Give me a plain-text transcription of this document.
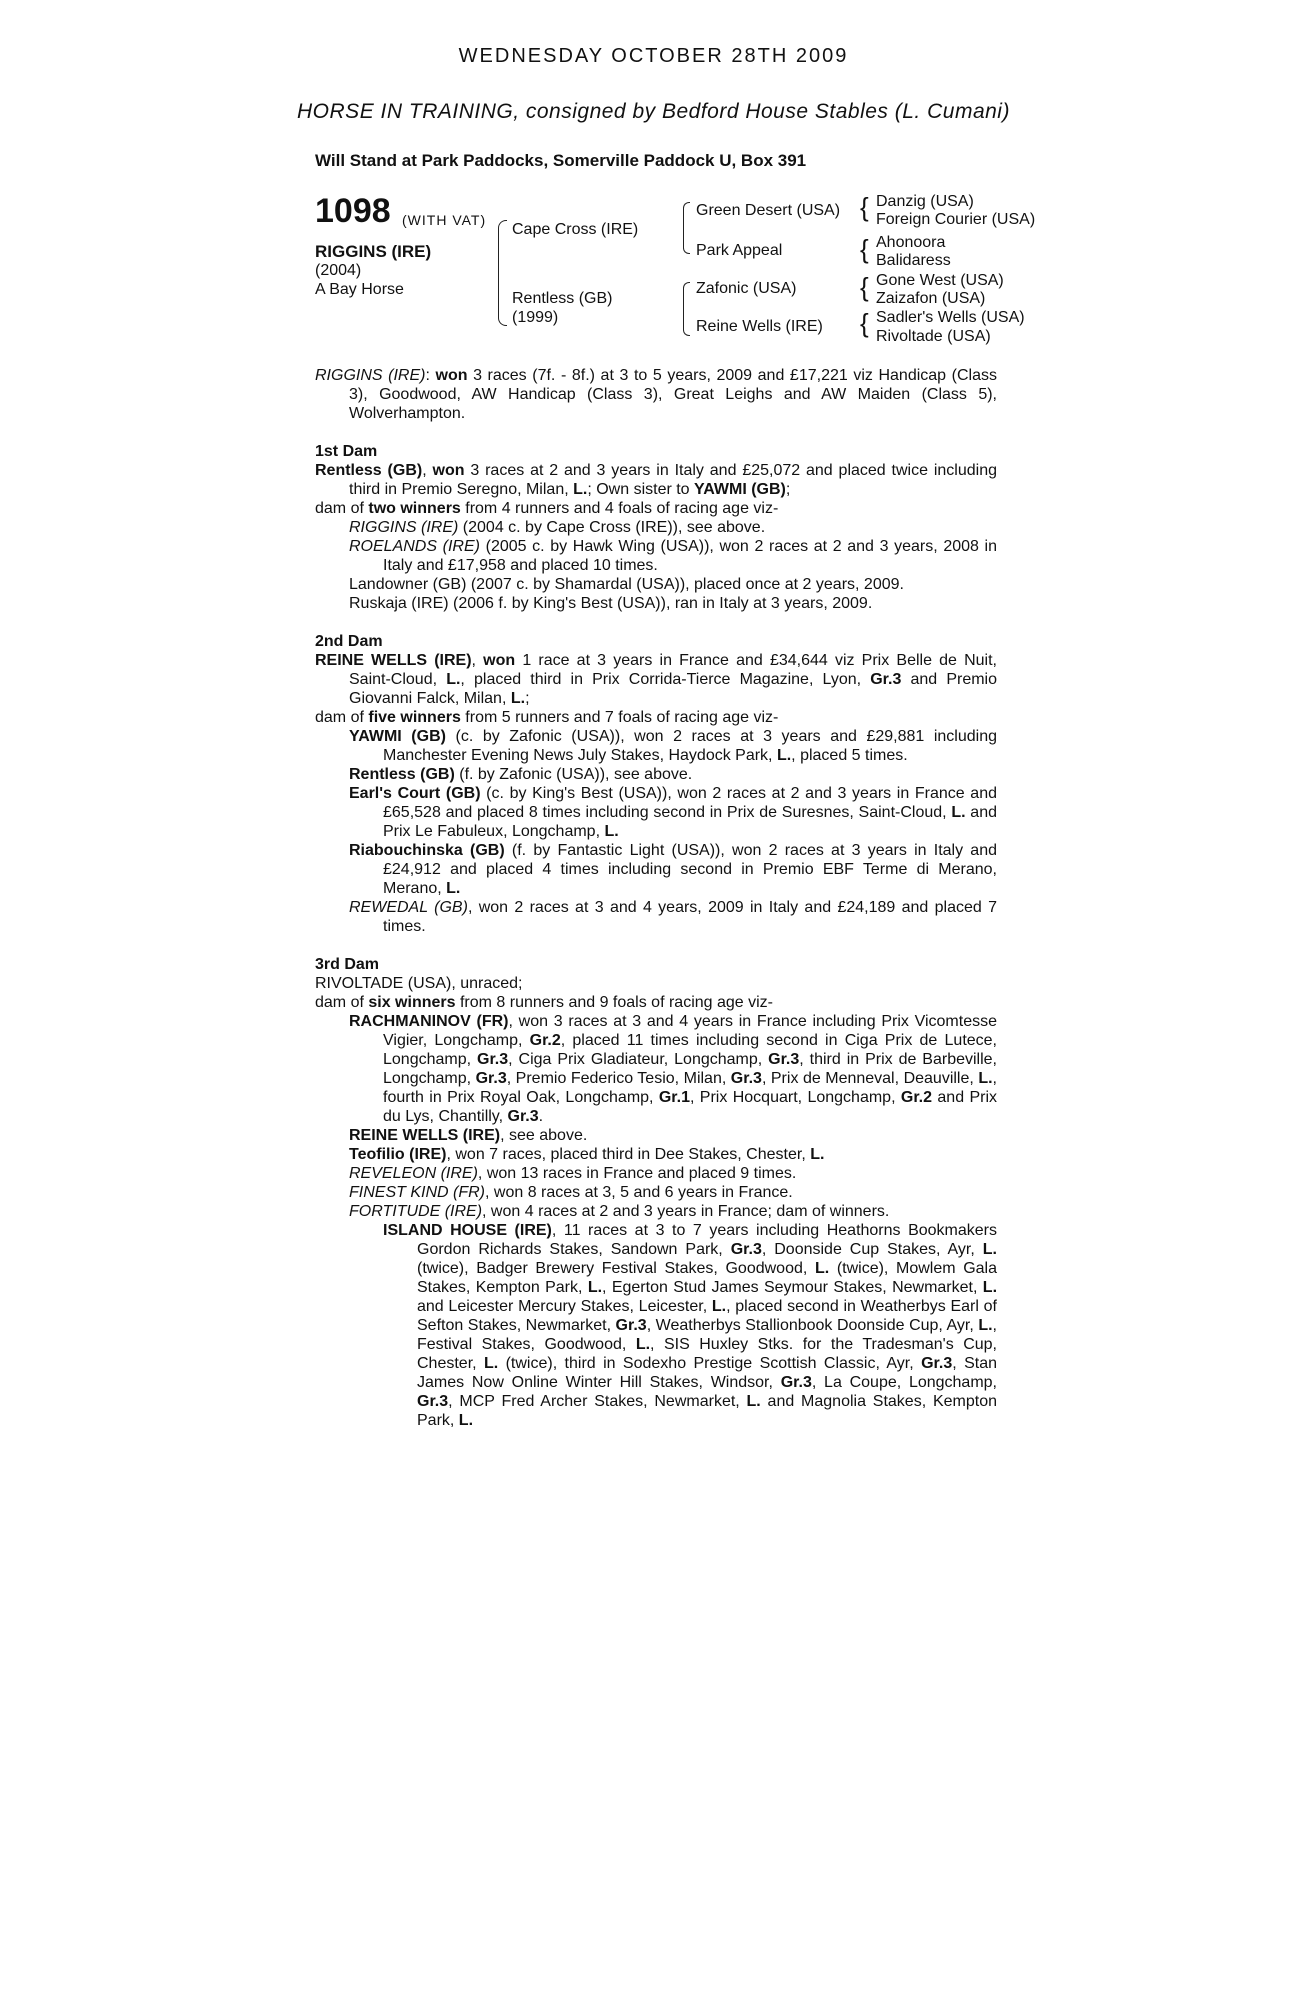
WEDNESDAY OCTOBER 28TH 2009
HORSE IN TRAINING, consigned by Bedford House Stables (L. Cumani)
Will Stand at Park Paddocks, Somerville Paddock U, Box 391
1098 (WITH VAT)
RIGGINS (IRE)
(2004)
A Bay Horse
Cape Cross (IRE)
Rentless (GB)
(1999)
Green Desert (USA)
Park Appeal
Zafonic (USA)
Reine Wells (IRE)
{ Danzig (USA)
Foreign Courier (USA)
{ Ahonoora
Balidaress
{ Gone West (USA)
Zaizafon (USA)
{ Sadler's Wells (USA)
Rivoltade (USA)

RIGGINS (IRE): won 3 races (7f. - 8f.) at 3 to 5 years, 2009 and £17,221 viz Handicap (Class 3), Goodwood, AW Handicap (Class 3), Great Leighs and AW Maiden (Class 5), Wolverhampton.

1st Dam

Rentless (GB), won 3 races at 2 and 3 years in Italy and £25,072 and placed twice including third in Premio Seregno, Milan, L.; Own sister to YAWMI (GB);

dam of two winners from 4 runners and 4 foals of racing age viz-

RIGGINS (IRE) (2004 c. by Cape Cross (IRE)), see above.

ROELANDS (IRE) (2005 c. by Hawk Wing (USA)), won 2 races at 2 and 3 years, 2008 in Italy and £17,958 and placed 10 times.

Landowner (GB) (2007 c. by Shamardal (USA)), placed once at 2 years, 2009.

Ruskaja (IRE) (2006 f. by King's Best (USA)), ran in Italy at 3 years, 2009.

2nd Dam

REINE WELLS (IRE), won 1 race at 3 years in France and £34,644 viz Prix Belle de Nuit, Saint-Cloud, L., placed third in Prix Corrida-Tierce Magazine, Lyon, Gr.3 and Premio Giovanni Falck, Milan, L.;

dam of five winners from 5 runners and 7 foals of racing age viz-

YAWMI (GB) (c. by Zafonic (USA)), won 2 races at 3 years and £29,881 including Manchester Evening News July Stakes, Haydock Park, L., placed 5 times.

Rentless (GB) (f. by Zafonic (USA)), see above.

Earl's Court (GB) (c. by King's Best (USA)), won 2 races at 2 and 3 years in France and £65,528 and placed 8 times including second in Prix de Suresnes, Saint-Cloud, L. and Prix Le Fabuleux, Longchamp, L.

Riabouchinska (GB) (f. by Fantastic Light (USA)), won 2 races at 3 years in Italy and £24,912 and placed 4 times including second in Premio EBF Terme di Merano, Merano, L.

REWEDAL (GB), won 2 races at 3 and 4 years, 2009 in Italy and £24,189 and placed 7 times.

3rd Dam

RIVOLTADE (USA), unraced;

dam of six winners from 8 runners and 9 foals of racing age viz-

RACHMANINOV (FR), won 3 races at 3 and 4 years in France including Prix Vicomtesse Vigier, Longchamp, Gr.2, placed 11 times including second in Ciga Prix de Lutece, Longchamp, Gr.3, Ciga Prix Gladiateur, Longchamp, Gr.3, third in Prix de Barbeville, Longchamp, Gr.3, Premio Federico Tesio, Milan, Gr.3, Prix de Menneval, Deauville, L., fourth in Prix Royal Oak, Longchamp, Gr.1, Prix Hocquart, Longchamp, Gr.2 and Prix du Lys, Chantilly, Gr.3.

REINE WELLS (IRE), see above.

Teofilio (IRE), won 7 races, placed third in Dee Stakes, Chester, L.

REVELEON (IRE), won 13 races in France and placed 9 times.

FINEST KIND (FR), won 8 races at 3, 5 and 6 years in France.

FORTITUDE (IRE), won 4 races at 2 and 3 years in France; dam of winners.

ISLAND HOUSE (IRE), 11 races at 3 to 7 years including Heathorns Bookmakers Gordon Richards Stakes, Sandown Park, Gr.3, Doonside Cup Stakes, Ayr, L. (twice), Badger Brewery Festival Stakes, Goodwood, L. (twice), Mowlem Gala Stakes, Kempton Park, L., Egerton Stud James Seymour Stakes, Newmarket, L. and Leicester Mercury Stakes, Leicester, L., placed second in Weatherbys Earl of Sefton Stakes, Newmarket, Gr.3, Weatherbys Stallionbook Doonside Cup, Ayr, L., Festival Stakes, Goodwood, L., SIS Huxley Stks. for the Tradesman's Cup, Chester, L. (twice), third in Sodexho Prestige Scottish Classic, Ayr, Gr.3, Stan James Now Online Winter Hill Stakes, Windsor, Gr.3, La Coupe, Longchamp, Gr.3, MCP Fred Archer Stakes, Newmarket, L. and Magnolia Stakes, Kempton Park, L.
